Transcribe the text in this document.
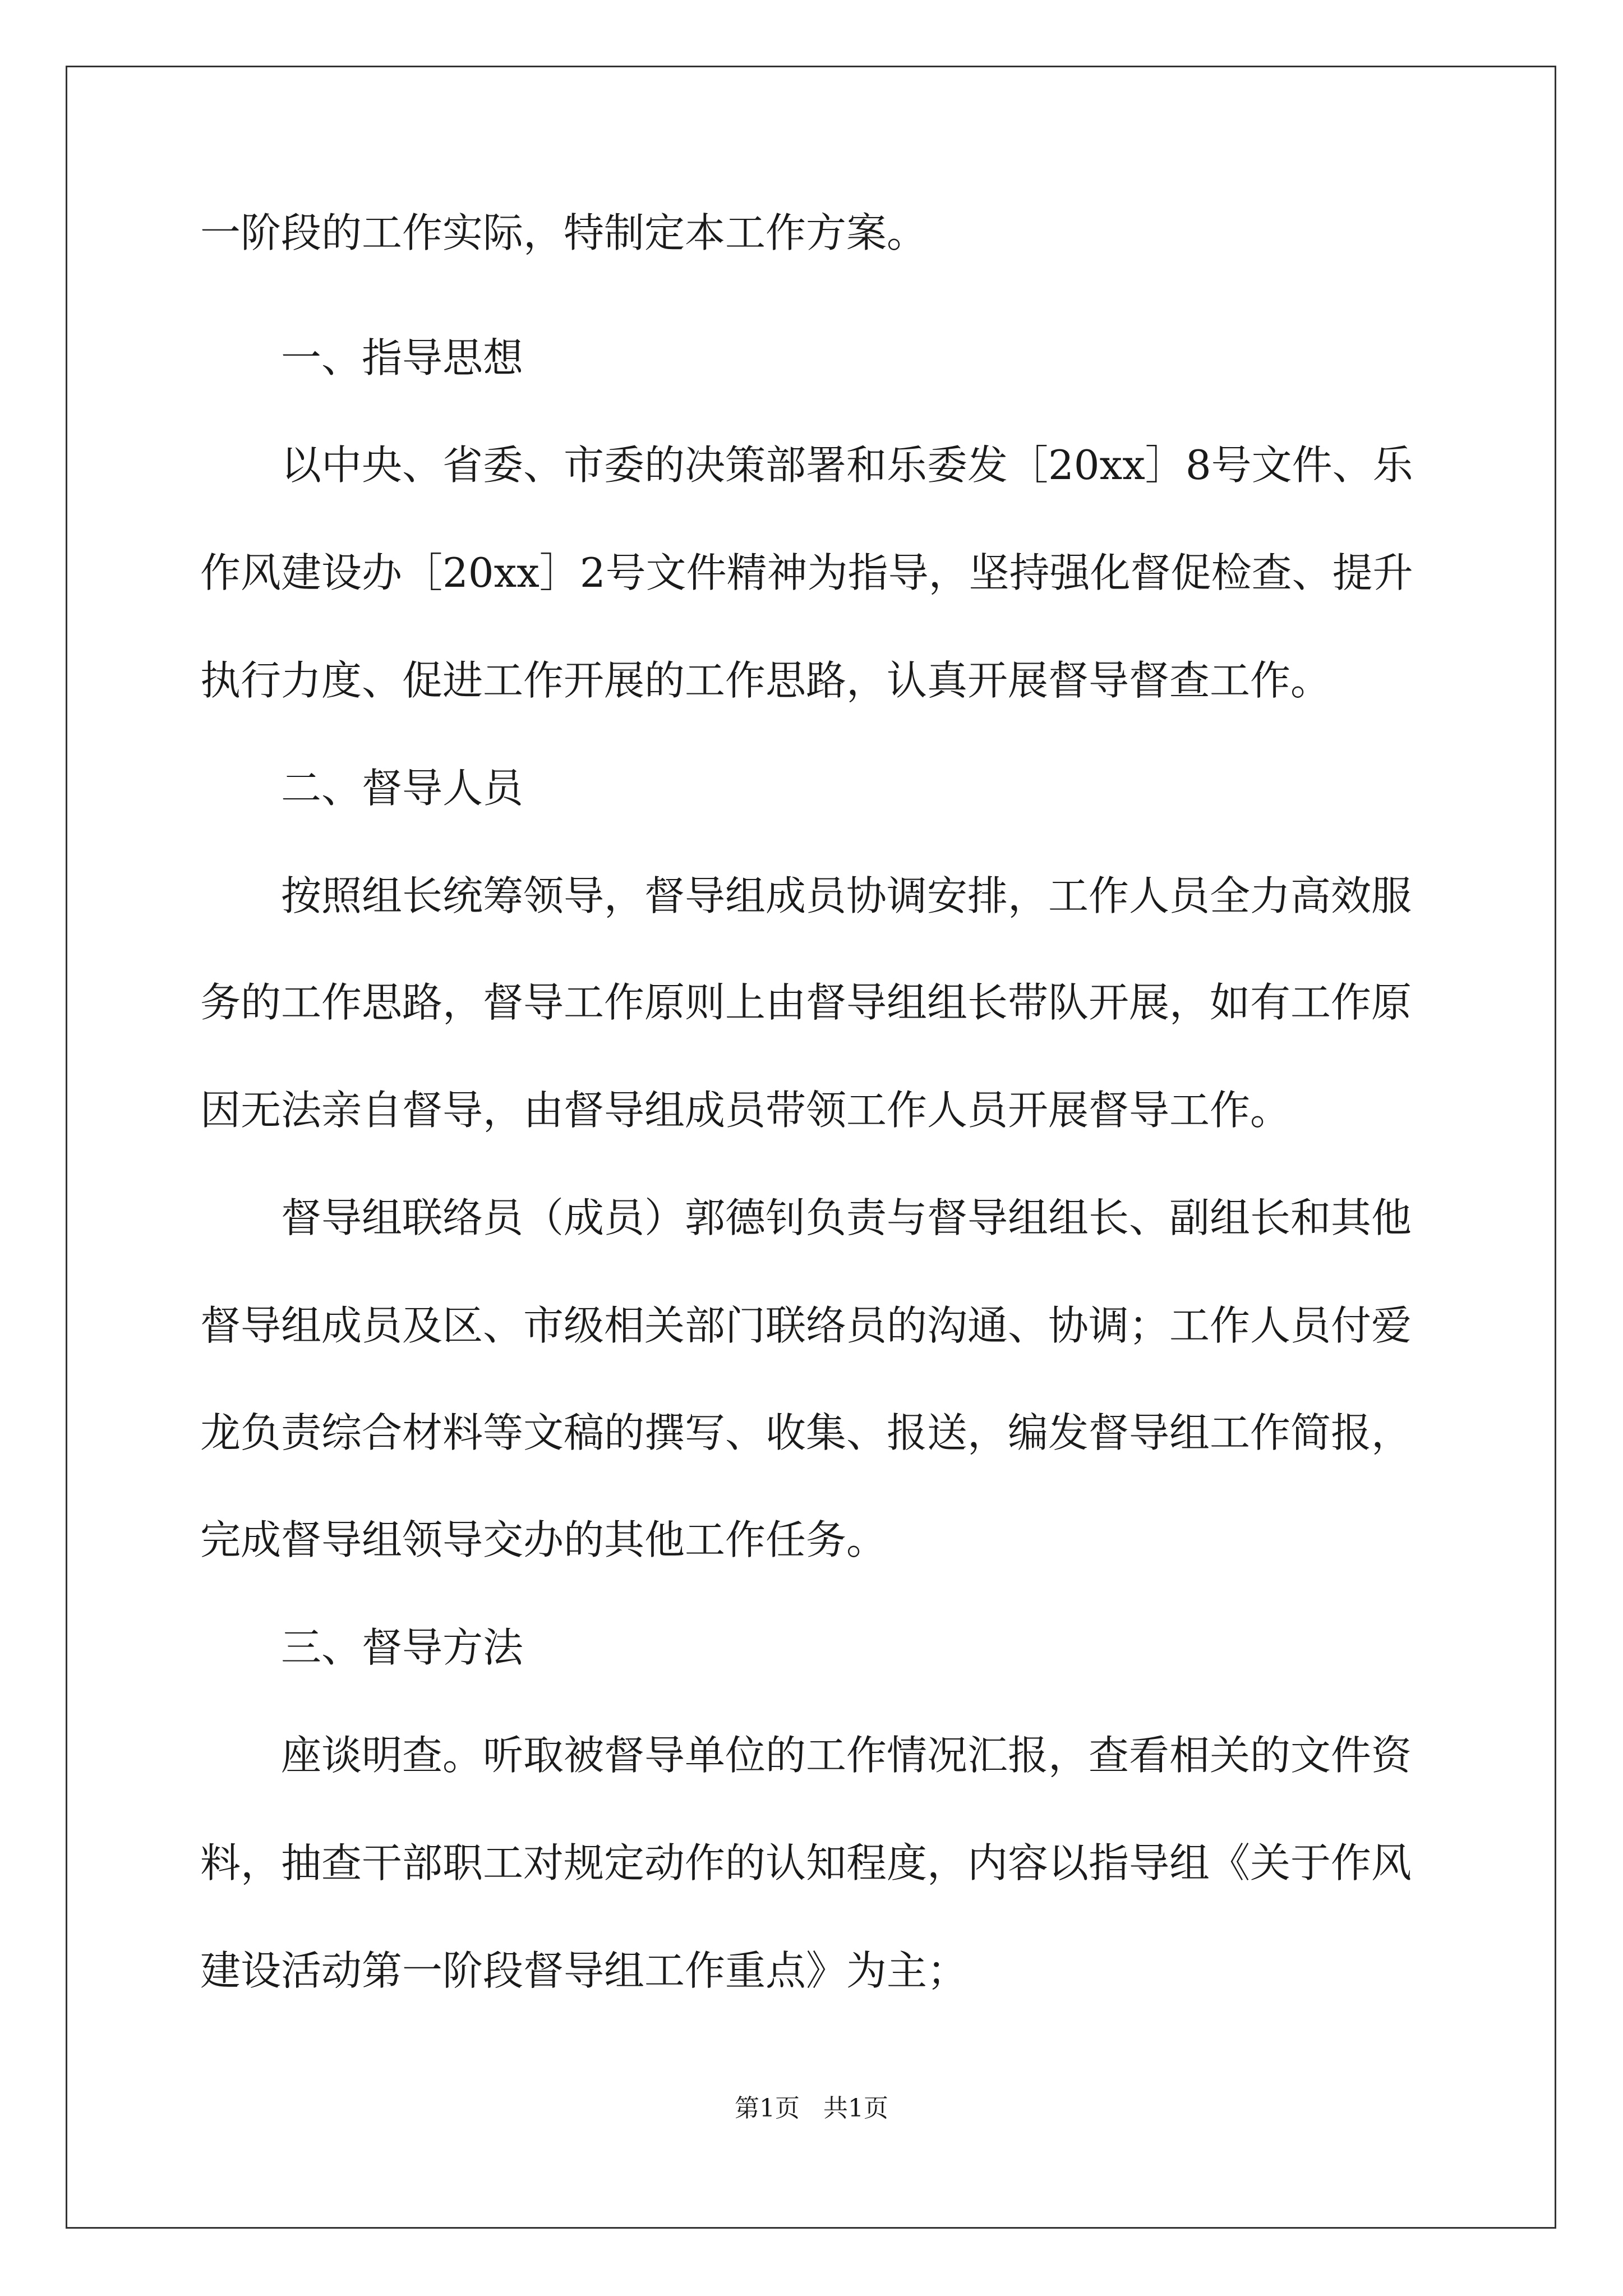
一阶段的工作实际，特制定本工作方案。
一、指导思想
以中央、省委、市委的决策部署和乐委发［20xx］8号文件、乐
作风建设办［20xx］2号文件精神为指导，坚持强化督促检查、提升
执行力度、促进工作开展的工作思路，认真开展督导督查工作。
二、督导人员
按照组长统筹领导，督导组成员协调安排，工作人员全力高效服
务的工作思路，督导工作原则上由督导组组长带队开展，如有工作原
因无法亲自督导，由督导组成员带领工作人员开展督导工作。
督导组联络员（成员）郭德钊负责与督导组组长、副组长和其他
督导组成员及区、市级相关部门联络员的沟通、协调；工作人员付爱
龙负责综合材料等文稿的撰写、收集、报送，编发督导组工作简报，
完成督导组领导交办的其他工作任务。
三、督导方法
座谈明查。听取被督导单位的工作情况汇报，查看相关的文件资
料，抽查干部职工对规定动作的认知程度，内容以指导组《关于作风
建设活动第一阶段督导组工作重点》为主；
第1页   共1页
